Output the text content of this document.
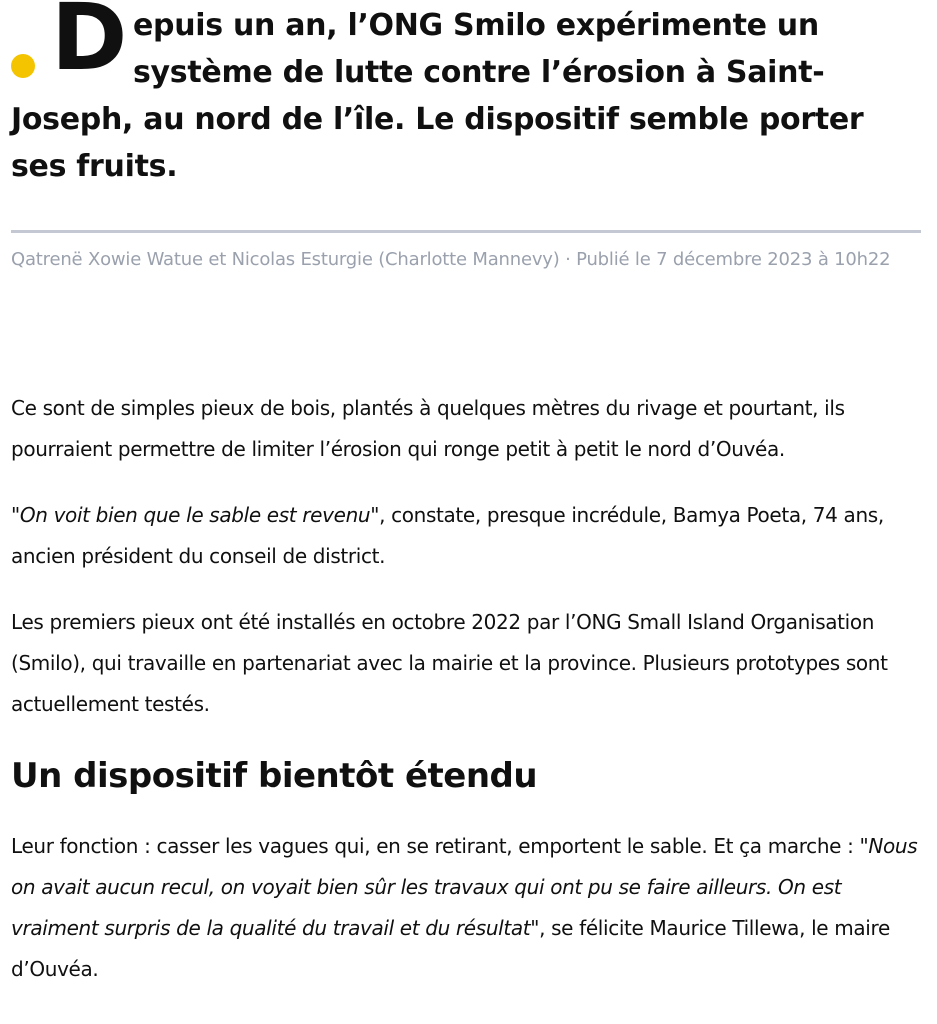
D epuis un an, l’ONG Smilo expérimente un système de lutte contre l’érosion à Saint-Joseph, au nord de l’île. Le dispositif semble porter ses fruits.

Qatrenë Xowie Watue et Nicolas Esturgie (Charlotte Mannevy) · Publié le 7 décembre 2023 à 10h22

Ce sont de simples pieux de bois, plantés à quelques mètres du rivage et pourtant, ils pourraient permettre de limiter l’érosion qui ronge petit à petit le nord d’Ouvéa.

"On voit bien que le sable est revenu", constate, presque incrédule, Bamya Poeta, 74 ans, ancien président du conseil de district.

Les premiers pieux ont été installés en octobre 2022 par l’ONG Small Island Organisation (Smilo), qui travaille en partenariat avec la mairie et la province. Plusieurs prototypes sont actuellement testés.

Un dispositif bientôt étendu

Leur fonction : casser les vagues qui, en se retirant, emportent le sable. Et ça marche : "Nous on avait aucun recul, on voyait bien sûr les travaux qui ont pu se faire ailleurs. On est vraiment surpris de la qualité du travail et du résultat", se félicite Maurice Tillewa, le maire d’Ouvéa.
